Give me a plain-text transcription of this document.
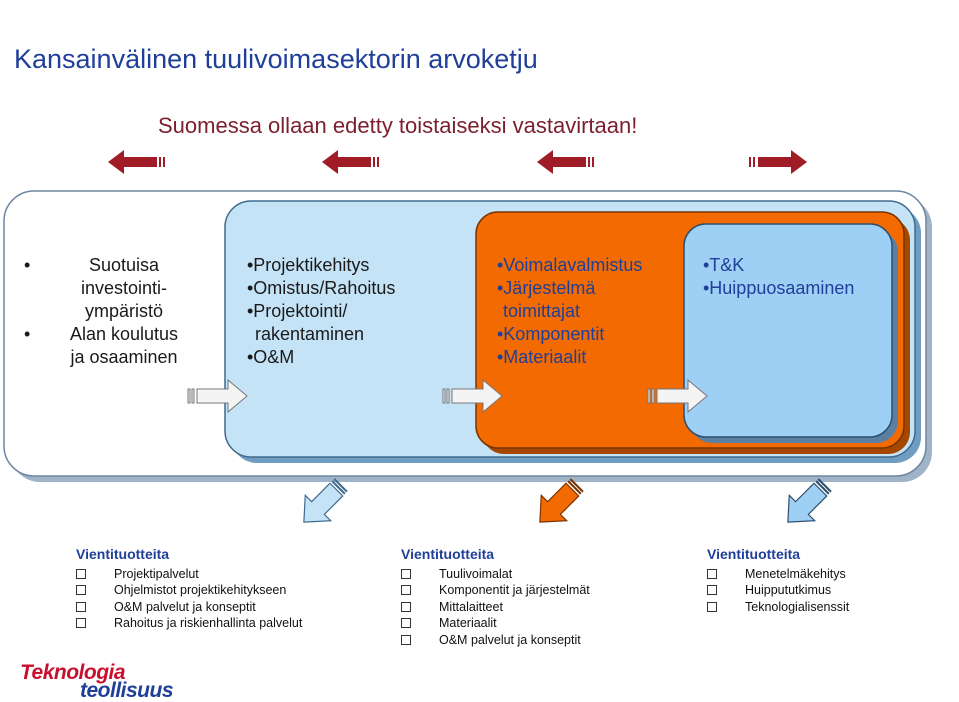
Kansainvälinen tuulivoimasektorin arvoketju
Suomessa ollaan edetty toistaiseksi vastavirtaan!
•	Suotuisa
investointi-
ympäristö
• Alan koulutus
ja osaaminen
•Projektikehitys
•Omistus/Rahoitus
•Projektointi/
rakentaminen
•O&M
•Voimalavalmistus
•Järjestelmä
toimittajat
•Komponentit
•Materiaalit
•T&K
•Huippuosaaminen
Vientituotteita
Projektipalvelut
Ohjelmistot projektikehitykseen
O&M palvelut ja konseptit
Rahoitus ja riskienhallinta palvelut
Vientituotteita
Tuulivoimalat
Komponentit ja järjestelmät
Mittalaitteet
Materiaalit
O&M palvelut ja konseptit
Vientituotteita
Menetelmäkehitys
Huippututkimus
Teknologialisenssit
Teknologia
teollisuus
